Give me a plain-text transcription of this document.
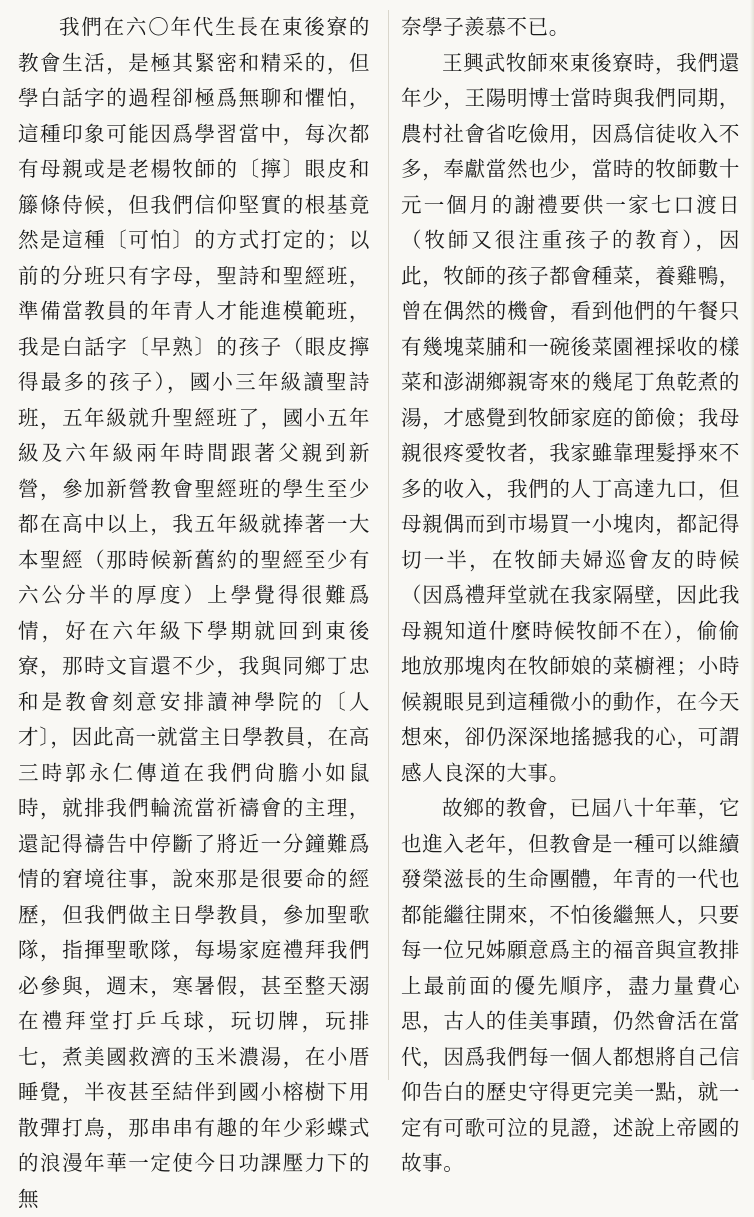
我們在六〇年代生長在東後寮的教會生活，是極其緊密和精采的，但學白話字的過程卻極爲無聊和懼怕，這種印象可能因爲學習當中，每次都有母親或是老楊牧師的〔擰〕眼皮和籐條侍候，但我們信仰堅實的根基竟然是這種〔可怕〕的方式打定的；以前的分班只有字母，聖詩和聖經班，準備當教員的年青人才能進模範班，我是白話字〔早熟〕的孩子（眼皮擰得最多的孩子），國小三年級讀聖詩班，五年級就升聖經班了，國小五年級及六年級兩年時間跟著父親到新營，參加新營教會聖經班的學生至少都在高中以上，我五年級就捧著一大本聖經（那時候新舊約的聖經至少有六公分半的厚度）上學覺得很難爲情，好在六年級下學期就回到東後寮，那時文盲還不少，我與同鄉丁忠和是教會刻意安排讀神學院的〔人才〕，因此高一就當主日學教員，在高三時郭永仁傳道在我們尙膽小如鼠時，就排我們輪流當祈禱會的主理，還記得禱告中停斷了將近一分鐘難爲情的窘境往事，說來那是很要命的經歷，但我們做主日學教員，參加聖歌隊，指揮聖歌隊，每場家庭禮拜我們必參與，週末，寒暑假，甚至整天溺在禮拜堂打乒乓球，玩切牌，玩排七，煮美國救濟的玉米濃湯，在小厝睡覺，半夜甚至結伴到國小榕樹下用散彈打鳥，那串串有趣的年少彩蝶式的浪漫年華一定使今日功課壓力下的無

奈學子羨慕不已。

王興武牧師來東後寮時，我們還年少，王陽明博士當時與我們同期，農村社會省吃儉用，因爲信徒收入不多，奉獻當然也少，當時的牧師數十元一個月的謝禮要供一家七口渡日（牧師又很注重孩子的教育），因此，牧師的孩子都會種菜，養雞鴨，曾在偶然的機會，看到他們的午餐只有幾塊菜脯和一碗後菜園裡採收的樣菜和澎湖鄉親寄來的幾尾丁魚乾煮的湯，才感覺到牧師家庭的節儉；我母親很疼愛牧者，我家雖靠理髮掙來不多的收入，我們的人丁高達九口，但母親偶而到市場買一小塊肉，都記得切一半，在牧師夫婦巡會友的時候（因爲禮拜堂就在我家隔壁，因此我母親知道什麼時候牧師不在），偷偷地放那塊肉在牧師娘的菜櫥裡；小時候親眼見到這種微小的動作，在今天想來，卻仍深深地搖撼我的心，可謂感人良深的大事。

故鄉的教會，已屆八十年華，它也進入老年，但教會是一種可以維續發榮滋長的生命團體，年青的一代也都能繼往開來，不怕後繼無人，只要每一位兄姊願意爲主的福音與宣教排上最前面的優先順序，盡力量費心思，古人的佳美事蹟，仍然會活在當代，因爲我們每一個人都想將自己信仰告白的歷史守得更完美一點，就一定有可歌可泣的見證，述說上帝國的故事。
